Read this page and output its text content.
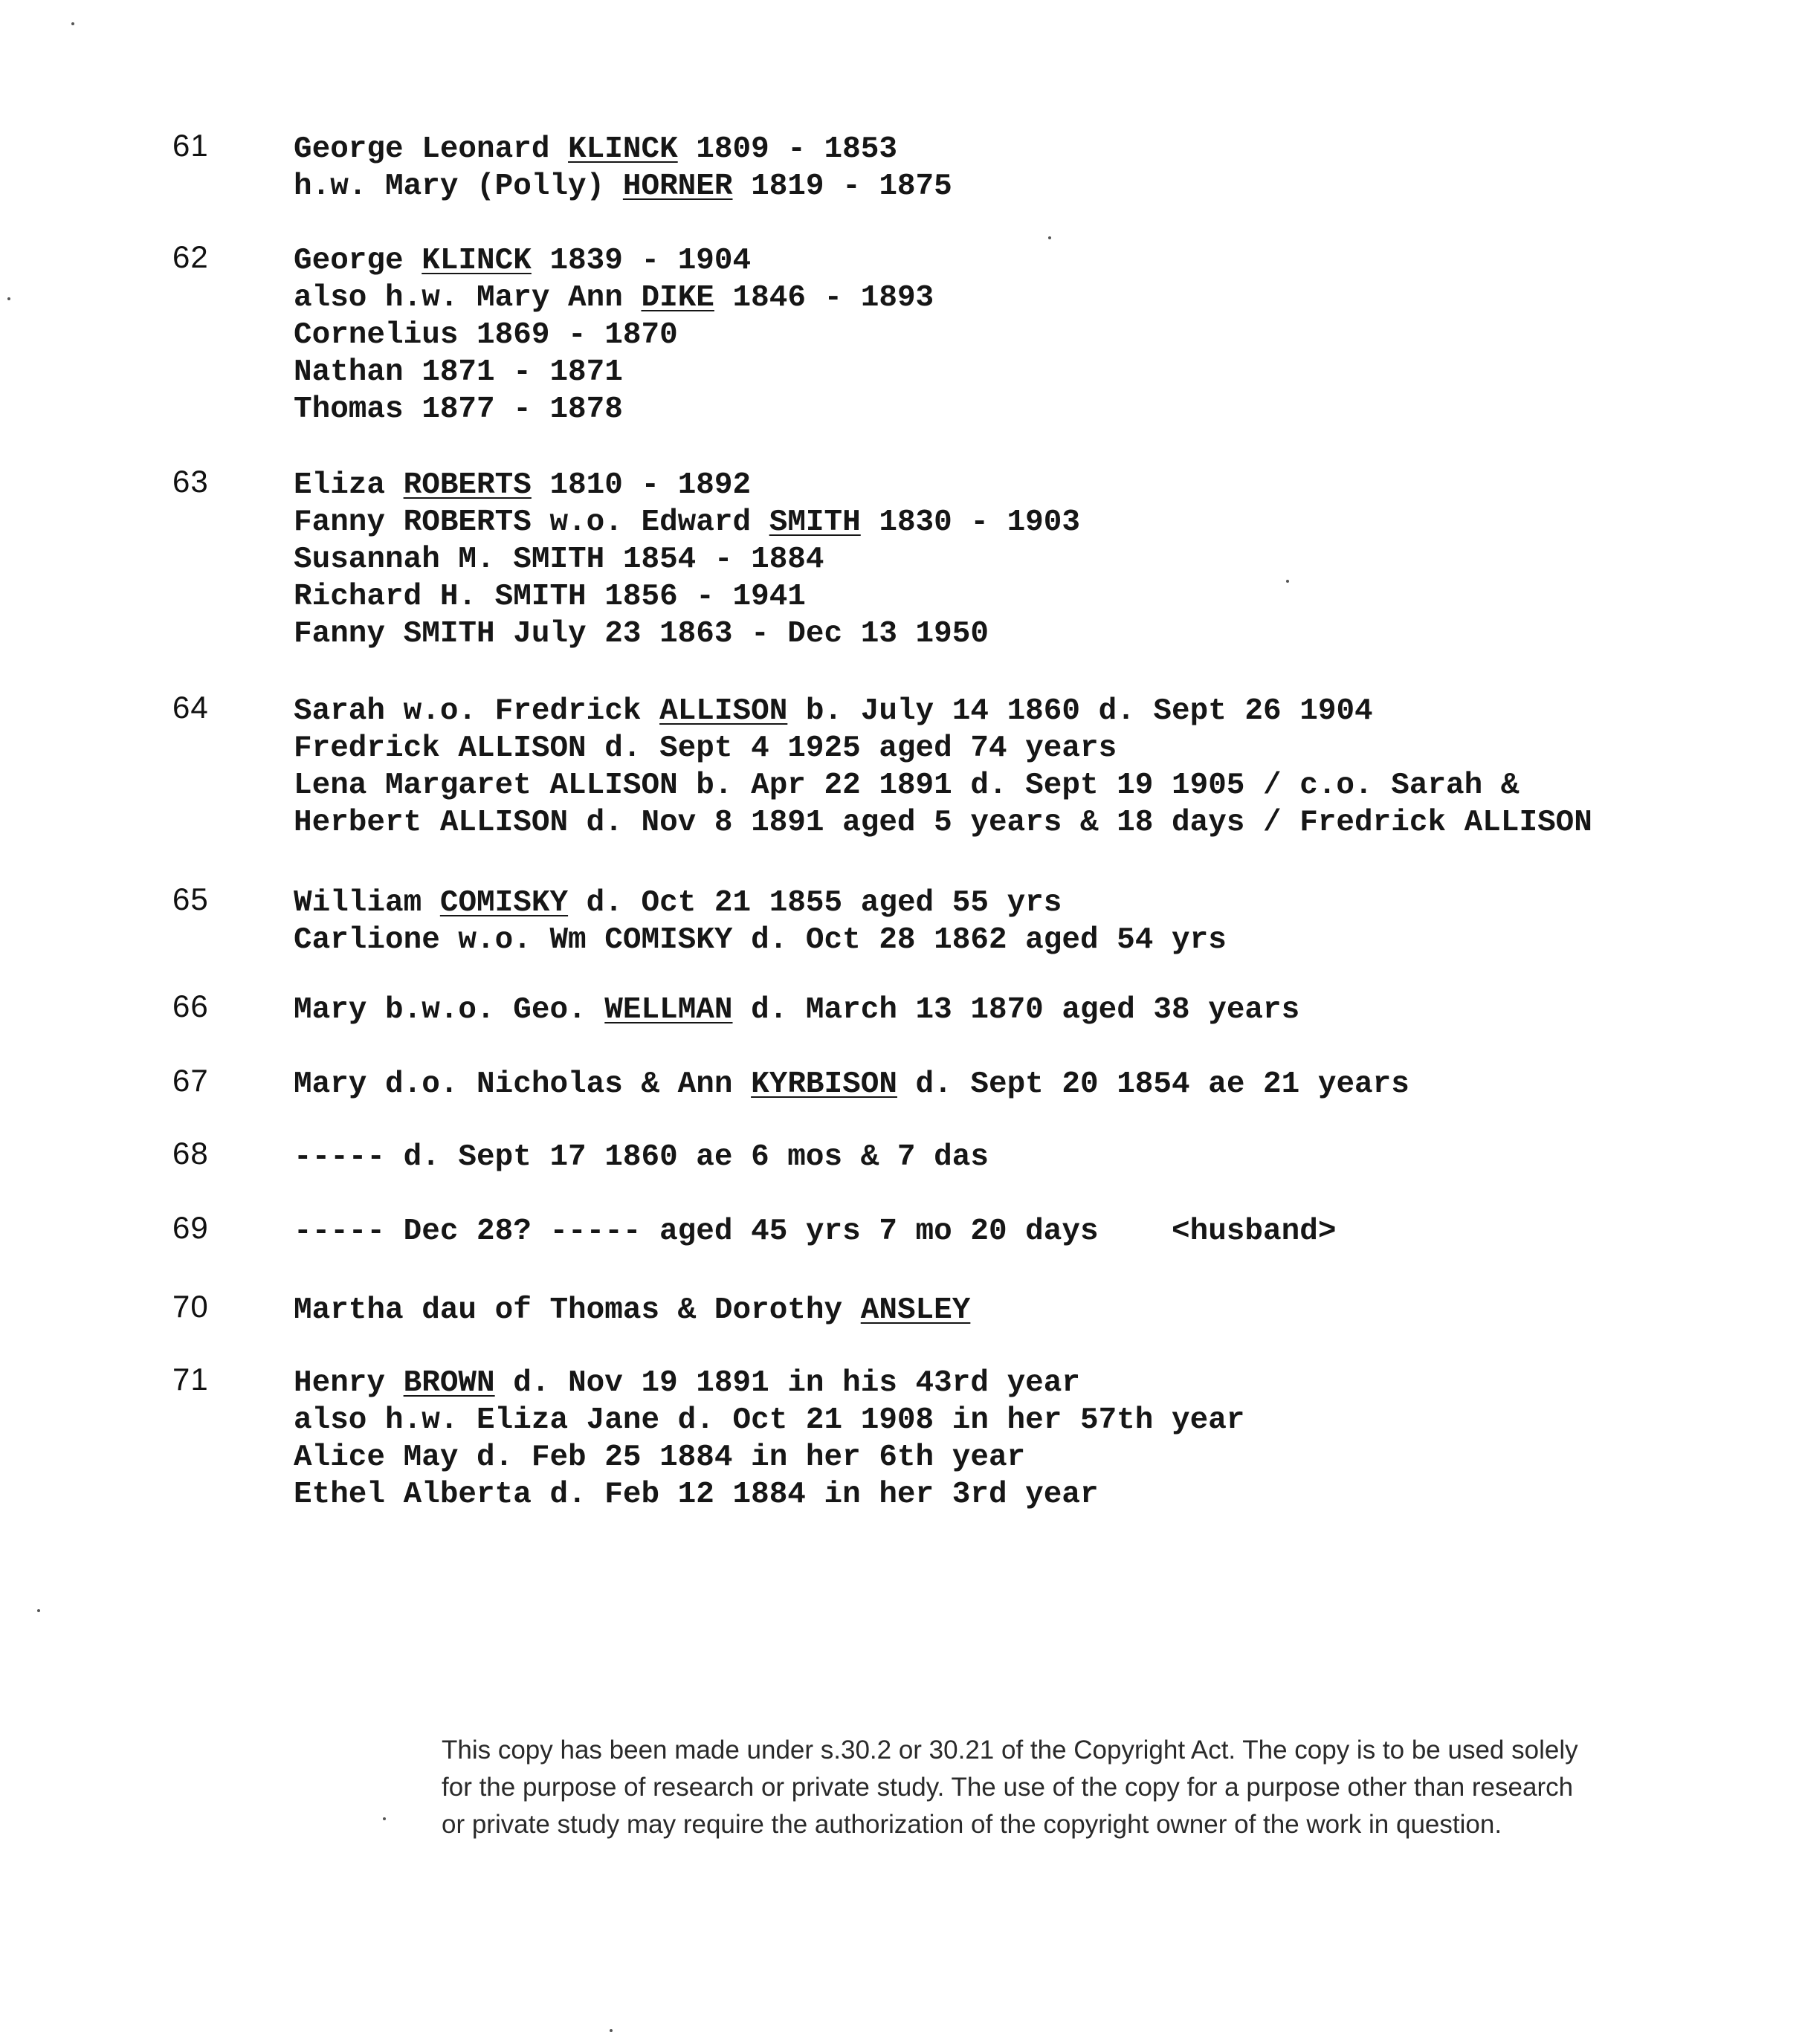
61	George Leonard KLINCK 1809 - 1853
h.w. Mary (Polly) HORNER 1819 - 1875
62	George KLINCK 1839 - 1904
also h.w. Mary Ann DIKE 1846 - 1893
Cornelius 1869 - 1870
Nathan 1871 - 1871
Thomas 1877 - 1878
63	Eliza ROBERTS 1810 - 1892
Fanny ROBERTS w.o. Edward SMITH 1830 - 1903
Susannah M. SMITH 1854 - 1884
Richard H. SMITH 1856 - 1941
Fanny SMITH July 23 1863 - Dec 13 1950
64	Sarah w.o. Fredrick ALLISON b. July 14 1860 d. Sept 26 1904
Fredrick ALLISON d. Sept 4 1925 aged 74 years
Lena Margaret ALLISON b. Apr 22 1891 d. Sept 19 1905 / c.o. Sarah &
Herbert ALLISON d. Nov 8 1891 aged 5 years & 18 days / Fredrick ALLISON
65	William COMISKY d. Oct 21 1855 aged 55 yrs
Carlione w.o. Wm COMISKY d. Oct 28 1862 aged 54 yrs
66	Mary b.w.o. Geo. WELLMAN d. March 13 1870 aged 38 years
67	Mary d.o. Nicholas & Ann KYRBISON d. Sept 20 1854 ae 21 years
68	----- d. Sept 17 1860 ae 6 mos & 7 das
69	----- Dec 28? ----- aged 45 yrs 7 mo 20 days    <husband>
70	Martha dau of Thomas & Dorothy ANSLEY
71	Henry BROWN d. Nov 19 1891 in his 43rd year
also h.w. Eliza Jane d. Oct 21 1908 in her 57th year
Alice May d. Feb 25 1884 in her 6th year
Ethel Alberta d. Feb 12 1884 in her 3rd year
This copy has been made under s.30.2 or 30.21 of the Copyright Act. The copy is to be used solely
for the purpose of research or private study. The use of the copy for a purpose other than research
or private study may require the authorization of the copyright owner of the work in question.
